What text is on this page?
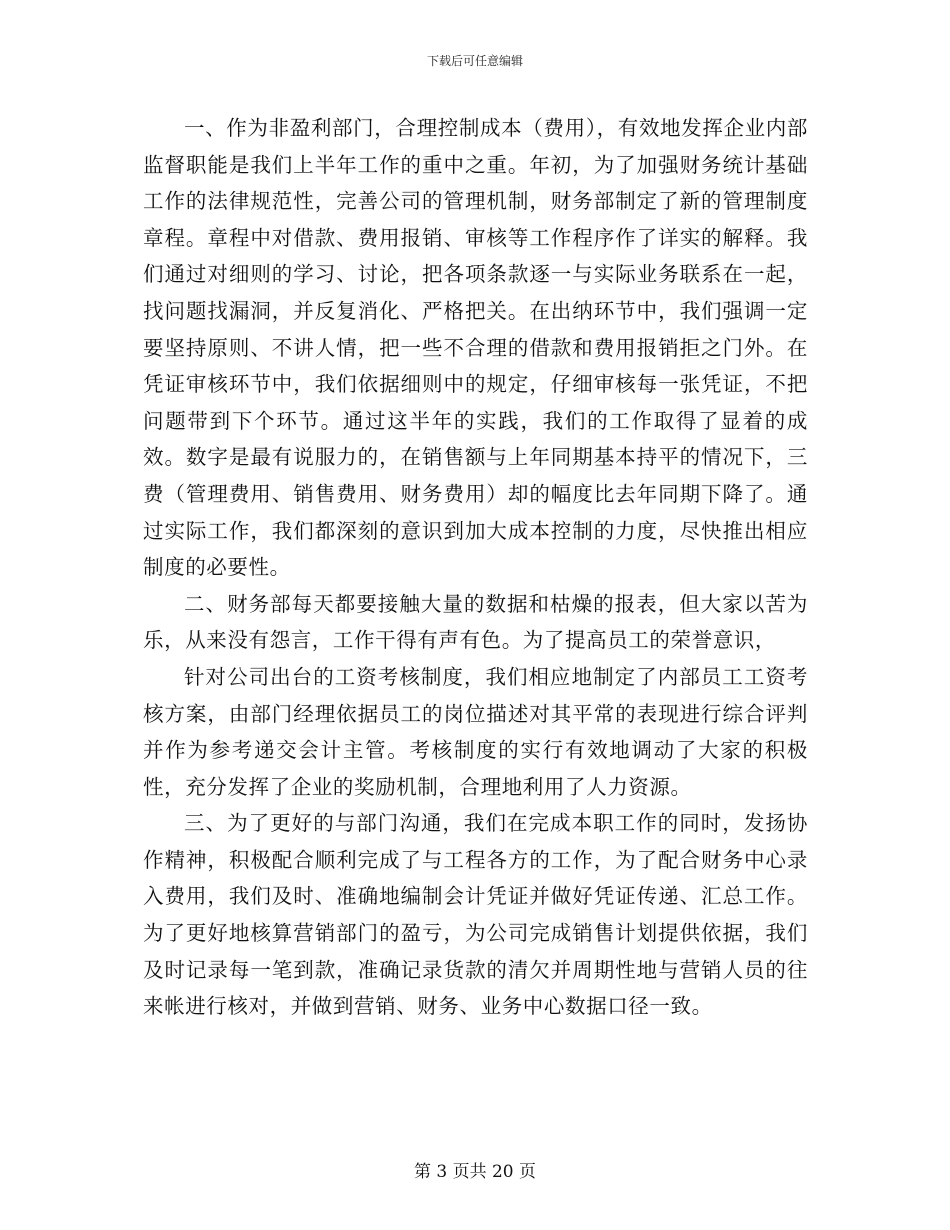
下载后可任意编辑

一、作为非盈利部门，合理控制成本（费用），有效地发挥企业内部监督职能是我们上半年工作的重中之重。年初，为了加强财务统计基础工作的法律规范性，完善公司的管理机制，财务部制定了新的管理制度章程。章程中对借款、费用报销、审核等工作程序作了详实的解释。我们通过对细则的学习、讨论，把各项条款逐一与实际业务联系在一起，找问题找漏洞，并反复消化、严格把关。在出纳环节中，我们强调一定要坚持原则、不讲人情，把一些不合理的借款和费用报销拒之门外。在凭证审核环节中，我们依据细则中的规定，仔细审核每一张凭证，不把问题带到下个环节。通过这半年的实践，我们的工作取得了显着的成效。数字是最有说服力的，在销售额与上年同期基本持平的情况下，三费（管理费用、销售费用、财务费用）却的幅度比去年同期下降了。通过实际工作，我们都深刻的意识到加大成本控制的力度，尽快推出相应制度的必要性。

二、财务部每天都要接触大量的数据和枯燥的报表，但大家以苦为乐，从来没有怨言，工作干得有声有色。为了提高员工的荣誉意识，

针对公司出台的工资考核制度，我们相应地制定了内部员工工资考核方案，由部门经理依据员工的岗位描述对其平常的表现进行综合评判并作为参考递交会计主管。考核制度的实行有效地调动了大家的积极性，充分发挥了企业的奖励机制，合理地利用了人力资源。

三、为了更好的与部门沟通，我们在完成本职工作的同时，发扬协作精神，积极配合顺利完成了与工程各方的工作，为了配合财务中心录入费用，我们及时、准确地编制会计凭证并做好凭证传递、汇总工作。为了更好地核算营销部门的盈亏，为公司完成销售计划提供依据，我们及时记录每一笔到款，准确记录货款的清欠并周期性地与营销人员的往来帐进行核对，并做到营销、财务、业务中心数据口径一致。

第 3 页共 20 页
